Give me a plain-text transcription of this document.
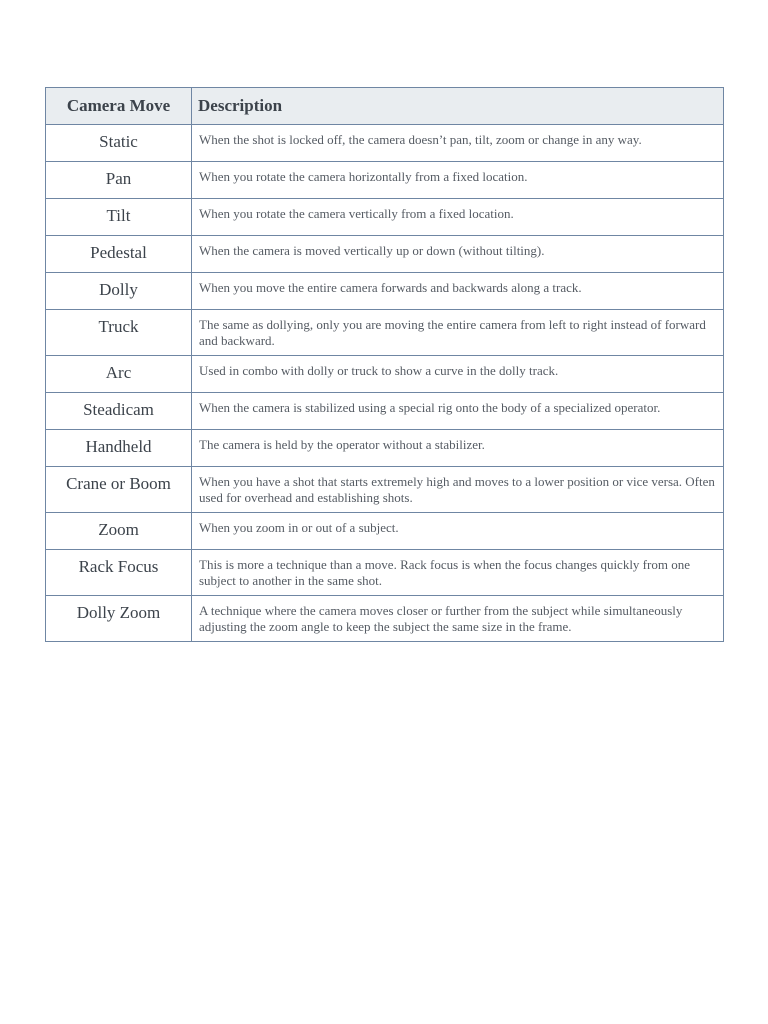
Camera Move	Description
Static	When the shot is locked off, the camera doesn’t pan, tilt, zoom or change in any way.
Pan	When you rotate the camera horizontally from a fixed location.
Tilt	When you rotate the camera vertically from a fixed location.
Pedestal	When the camera is moved vertically up or down (without tilting).
Dolly	When you move the entire camera forwards and backwards along a track.
Truck	The same as dollying, only you are moving the entire camera from left to right instead of forward and backward.
Arc	Used in combo with dolly or truck to show a curve in the dolly track.
Steadicam	When the camera is stabilized using a special rig onto the body of a specialized operator.
Handheld	The camera is held by the operator without a stabilizer.
Crane or Boom	When you have a shot that starts extremely high and moves to a lower position or vice versa. Often used for overhead and establishing shots.
Zoom	When you zoom in or out of a subject.
Rack Focus	This is more a technique than a move. Rack focus is when the focus changes quickly from one subject to another in the same shot.
Dolly Zoom	A technique where the camera moves closer or further from the subject while simultaneously adjusting the zoom angle to keep the subject the same size in the frame.
